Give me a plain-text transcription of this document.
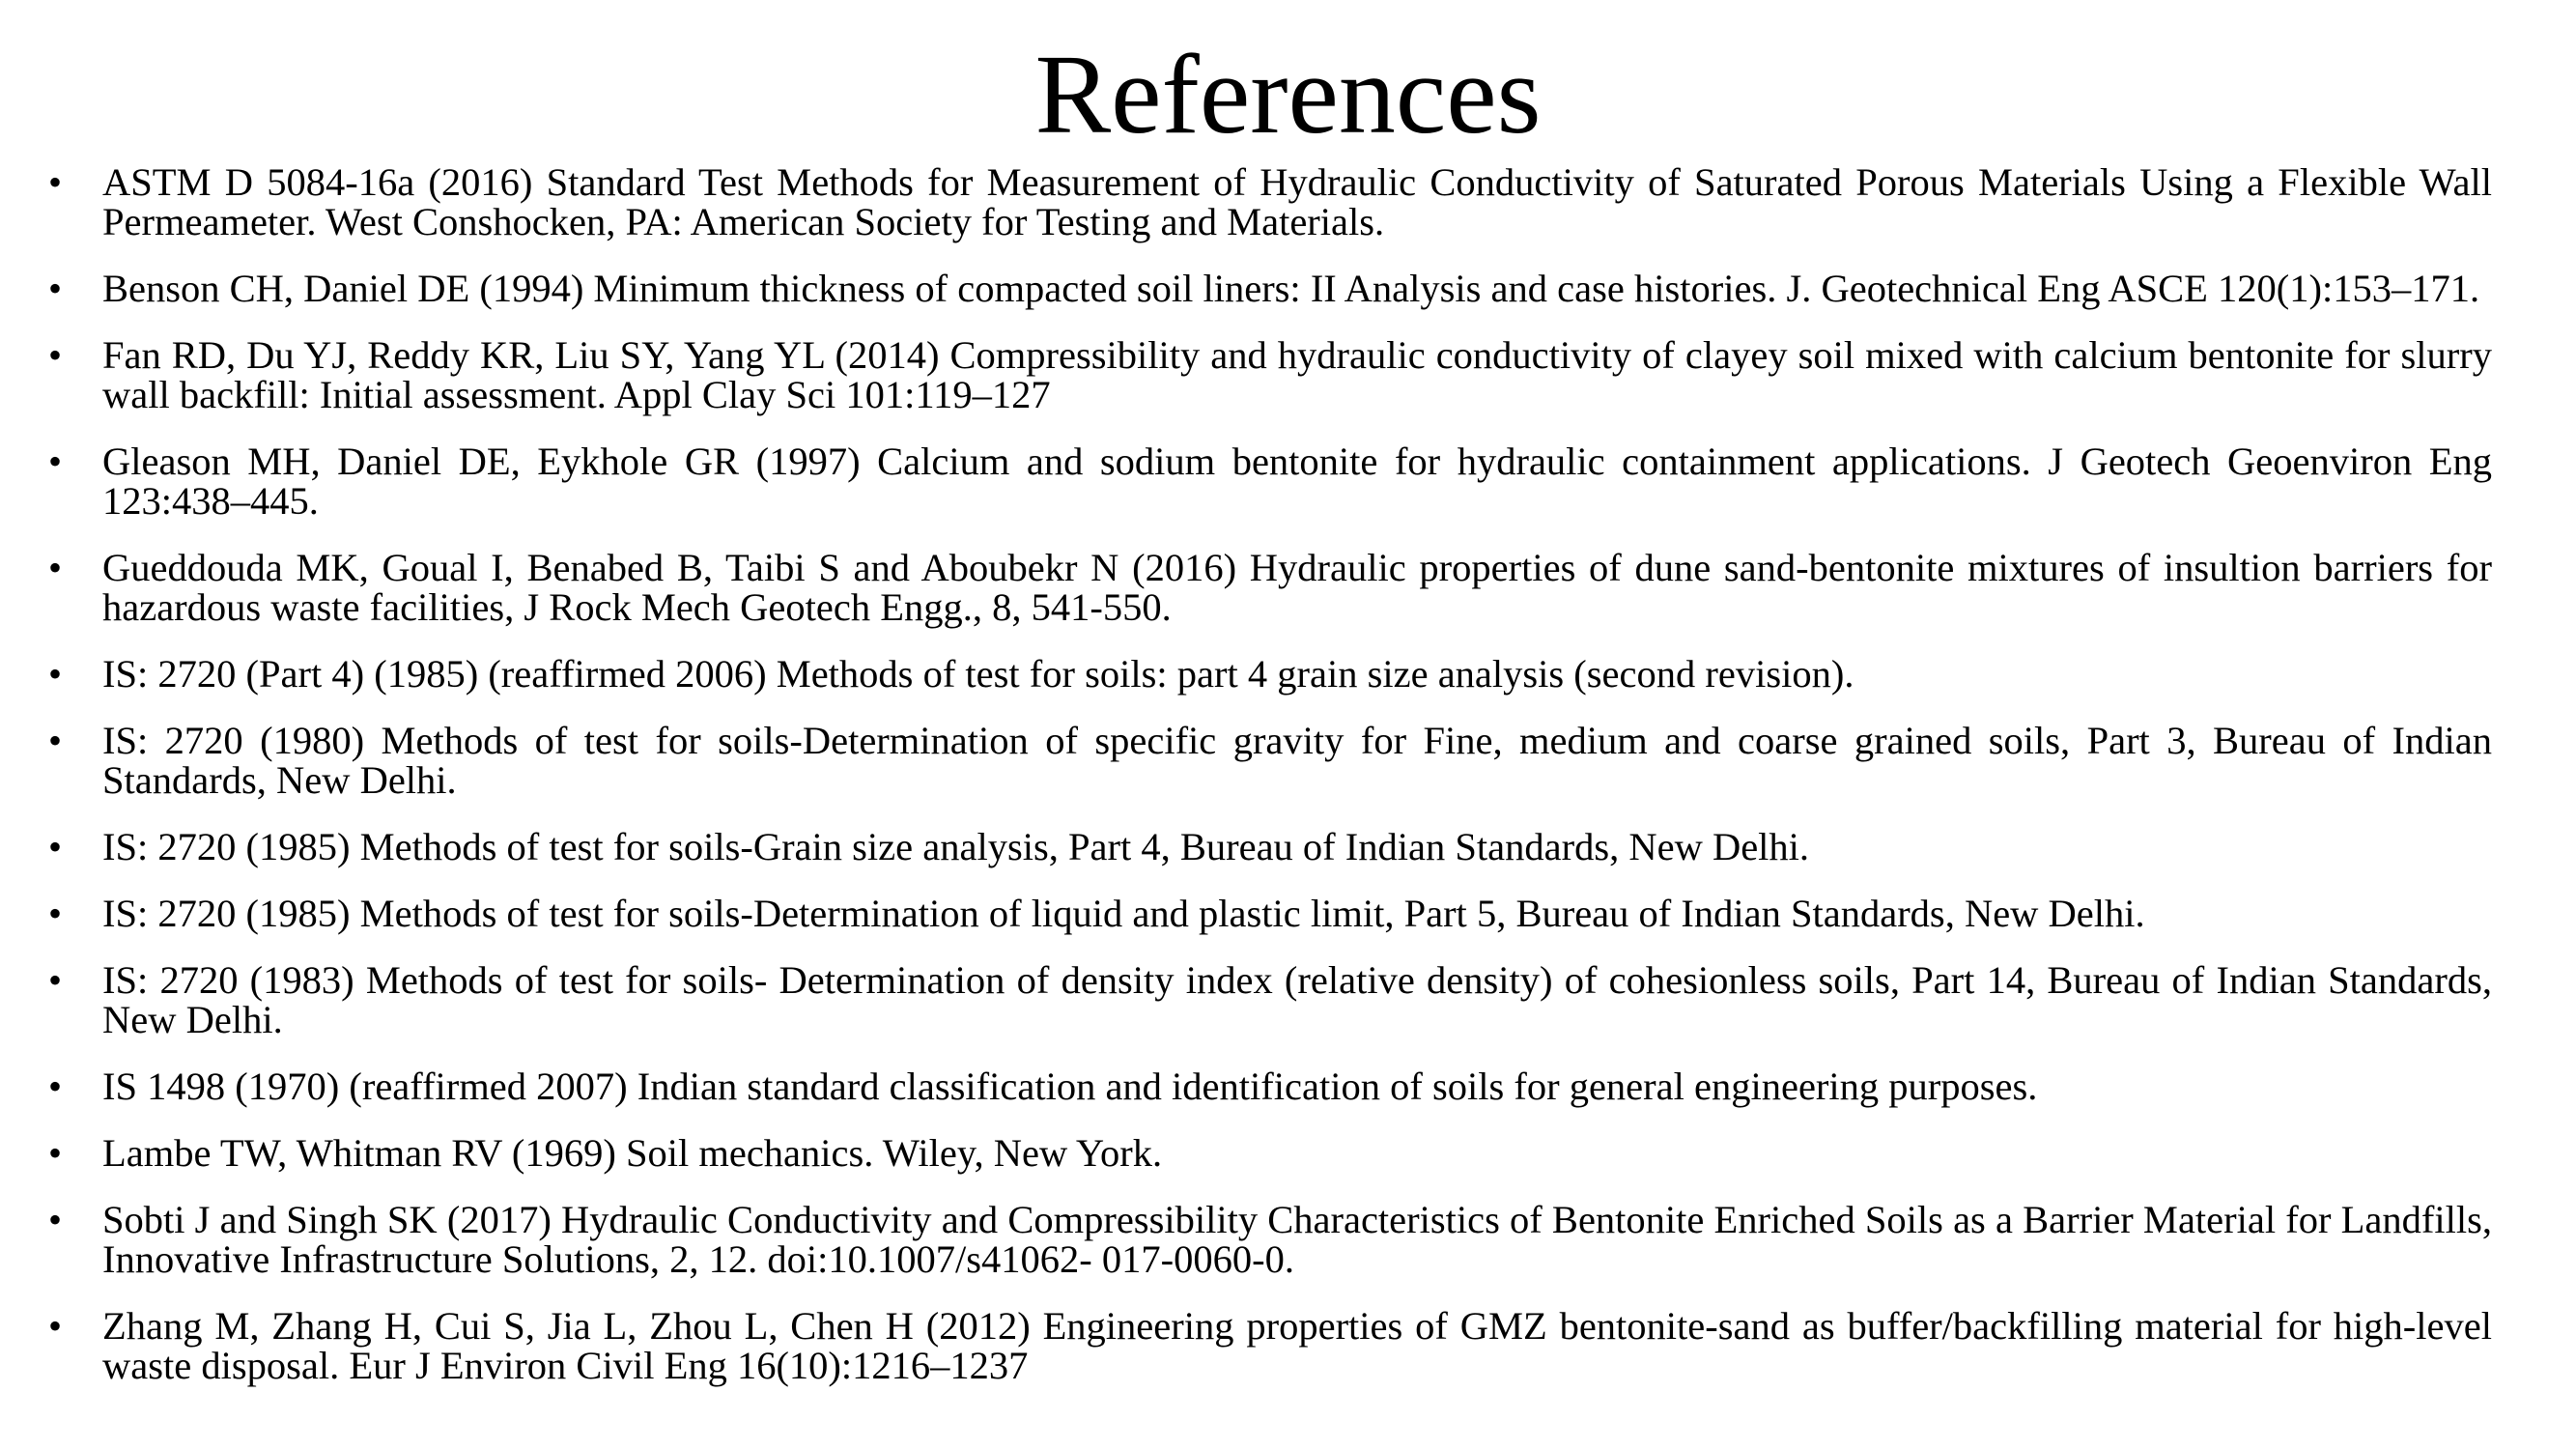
References
•	ASTM D 5084-16a (2016) Standard Test Methods for Measurement of Hydraulic Conductivity of Saturated Porous Materials Using a Flexible Wall Permeameter. West Conshocken, PA: American Society for Testing and Materials.
•	Benson CH, Daniel DE (1994) Minimum thickness of compacted soil liners: II Analysis and case histories. J. Geotechnical Eng ASCE 120(1):153–171.
•	Fan RD, Du YJ, Reddy KR, Liu SY, Yang YL (2014) Compressibility and hydraulic conductivity of clayey soil mixed with calcium bentonite for slurry wall backfill: Initial assessment. Appl Clay Sci 101:119–127
•	Gleason MH, Daniel DE, Eykhole GR (1997) Calcium and sodium bentonite for hydraulic containment applications. J Geotech Geoenviron Eng 123:438–445.
•	Gueddouda MK, Goual I, Benabed B, Taibi S and Aboubekr N (2016) Hydraulic properties of dune sand-bentonite mixtures of insultion barriers for hazardous waste facilities, J Rock Mech Geotech Engg., 8, 541-550.
•	IS: 2720 (Part 4) (1985) (reaffirmed 2006) Methods of test for soils: part 4 grain size analysis (second revision).
•	IS: 2720 (1980) Methods of test for soils-Determination of specific gravity for Fine, medium and coarse grained soils, Part 3, Bureau of Indian Standards, New Delhi.
•	IS: 2720 (1985) Methods of test for soils-Grain size analysis, Part 4, Bureau of Indian Standards, New Delhi.
•	IS: 2720 (1985) Methods of test for soils-Determination of liquid and plastic limit, Part 5, Bureau of Indian Standards, New Delhi.
•	IS: 2720 (1983) Methods of test for soils- Determination of density index (relative density) of cohesionless soils, Part 14, Bureau of Indian Standards, New Delhi.
•	IS 1498 (1970) (reaffirmed 2007) Indian standard classification and identification of soils for general engineering purposes.
•	Lambe TW, Whitman RV (1969) Soil mechanics. Wiley, New York.
•	Sobti J and Singh SK (2017) Hydraulic Conductivity and Compressibility Characteristics of Bentonite Enriched Soils as a Barrier Material for Landfills, Innovative Infrastructure Solutions, 2, 12. doi:10.1007/s41062- 017-0060-0.
•	Zhang M, Zhang H, Cui S, Jia L, Zhou L, Chen H (2012) Engineering properties of GMZ bentonite-sand as buffer/backfilling material for high-level waste disposal. Eur J Environ Civil Eng 16(10):1216–1237
